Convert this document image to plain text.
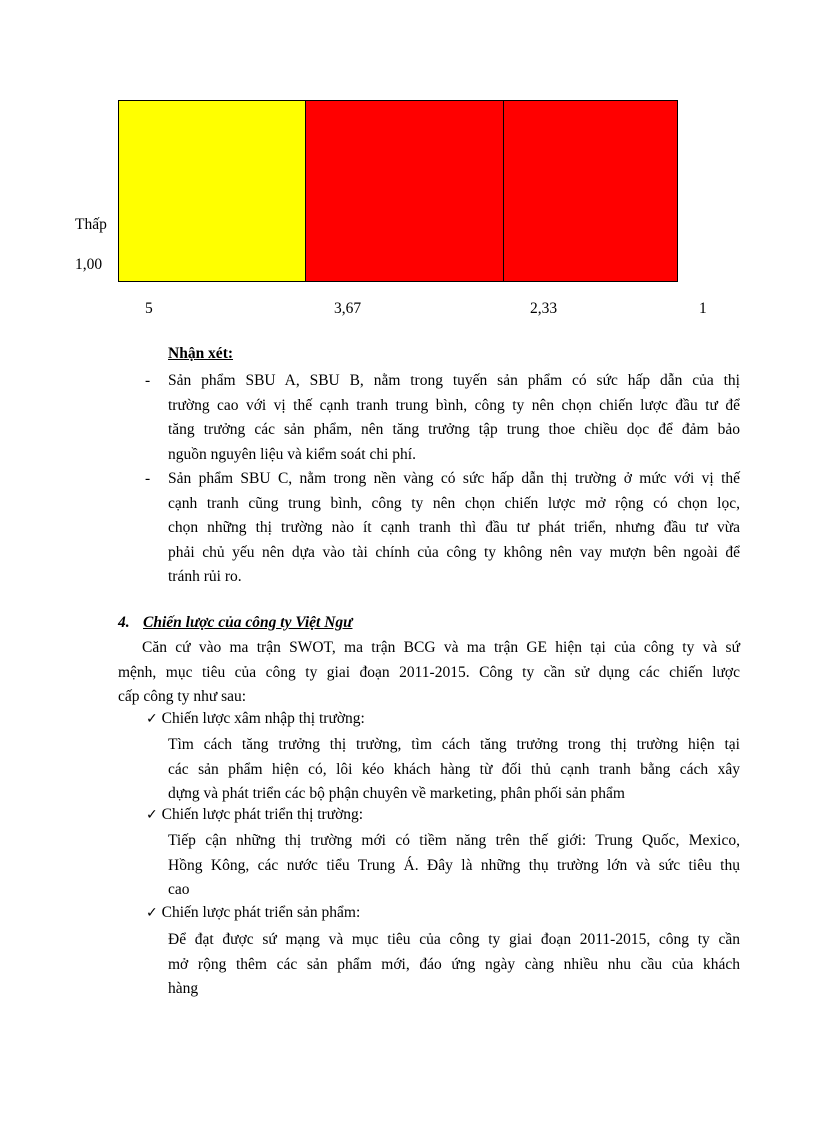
Thấp
1,00
5	3,67	2,33	1
Nhận xét:
- Sản phẩm SBU A, SBU B, nằm trong tuyến sản phẩm có sức hấp dẫn của thị
trường cao với vị thế cạnh tranh trung bình, công ty nên chọn chiến lược đầu tư để
tăng trưởng các sản phẩm, nên tăng trưởng tập trung thoe chiều dọc để đảm bảo
nguồn nguyên liệu và kiểm soát chi phí.
- Sản phẩm SBU C, nằm trong nền vàng có sức hấp dẫn thị trường ở mức với vị thế
cạnh tranh cũng trung bình, công ty nên chọn chiến lược mở rộng có chọn lọc,
chọn những thị trường nào ít cạnh tranh thì đầu tư phát triển, nhưng đầu tư vừa
phải chủ yếu nên dựa vào tài chính của công ty không nên vay mượn bên ngoài để
tránh rủi ro.
4. Chiến lược của công ty Việt Ngư
Căn cứ vào ma trận SWOT, ma trận BCG và ma trận GE hiện tại của công ty và sứ
mệnh, mục tiêu của công ty giai đoạn 2011-2015. Công ty cần sử dụng các chiến lược
cấp công ty như sau:
✓ Chiến lược xâm nhập thị trường:
Tìm cách tăng trưởng thị trường, tìm cách tăng trưởng trong thị trường hiện tại
các sản phẩm hiện có, lôi kéo khách hàng từ đối thủ cạnh tranh bằng cách xây
dựng và phát triển các bộ phận chuyên về marketing, phân phối sản phẩm
✓ Chiến lược phát triển thị trường:
Tiếp cận những thị trường mới có tiềm năng trên thế giới: Trung Quốc, Mexico,
Hồng Kông, các nước tiểu Trung Á. Đây là những thụ trường lớn và sức tiêu thụ
cao
✓ Chiến lược phát triển sản phẩm:
Để đạt được sứ mạng và mục tiêu của công ty giai đoạn 2011-2015, công ty cần
mở rộng thêm các sản phẩm mới, đáo ứng ngày càng nhiều nhu cầu của khách
hàng
